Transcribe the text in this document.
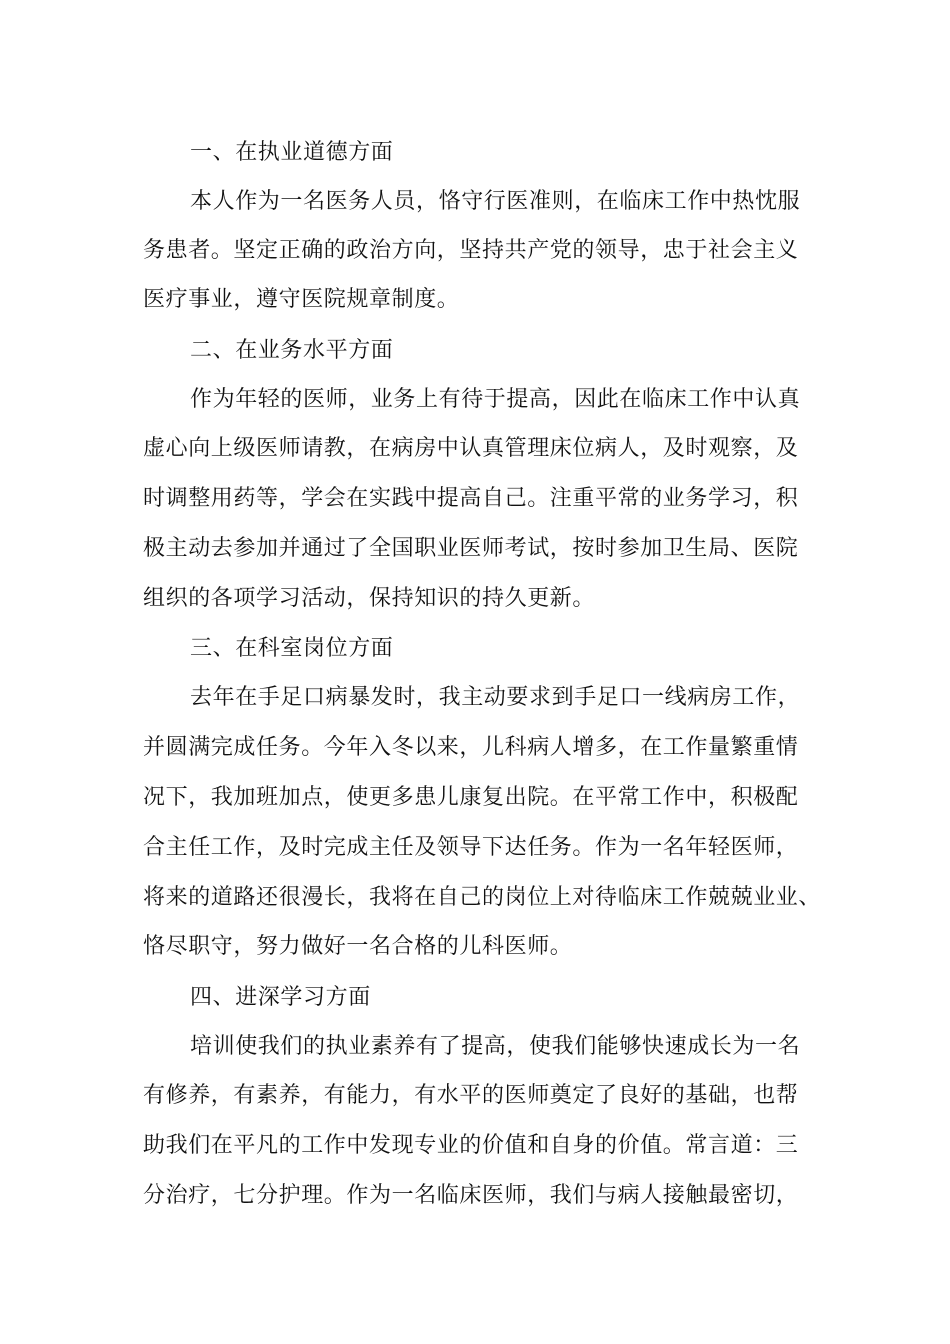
一、在执业道德方面
本人作为一名医务人员，恪守行医准则，在临床工作中热忱服
务患者。坚定正确的政治方向，坚持共产党的领导，忠于社会主义
医疗事业，遵守医院规章制度。
二、在业务水平方面
作为年轻的医师，业务上有待于提高，因此在临床工作中认真
虚心向上级医师请教，在病房中认真管理床位病人，及时观察，及
时调整用药等，学会在实践中提高自己。注重平常的业务学习，积
极主动去参加并通过了全国职业医师考试，按时参加卫生局、医院
组织的各项学习活动，保持知识的持久更新。
三、在科室岗位方面
去年在手足口病暴发时，我主动要求到手足口一线病房工作，
并圆满完成任务。今年入冬以来，儿科病人增多，在工作量繁重情
况下，我加班加点，使更多患儿康复出院。在平常工作中，积极配
合主任工作，及时完成主任及领导下达任务。作为一名年轻医师，
将来的道路还很漫长，我将在自己的岗位上对待临床工作兢兢业业、
恪尽职守，努力做好一名合格的儿科医师。
四、进深学习方面
培训使我们的执业素养有了提高，使我们能够快速成长为一名
有修养，有素养，有能力，有水平的医师奠定了良好的基础，也帮
助我们在平凡的工作中发现专业的价值和自身的价值。常言道：三
分治疗，七分护理。作为一名临床医师，我们与病人接触最密切，
